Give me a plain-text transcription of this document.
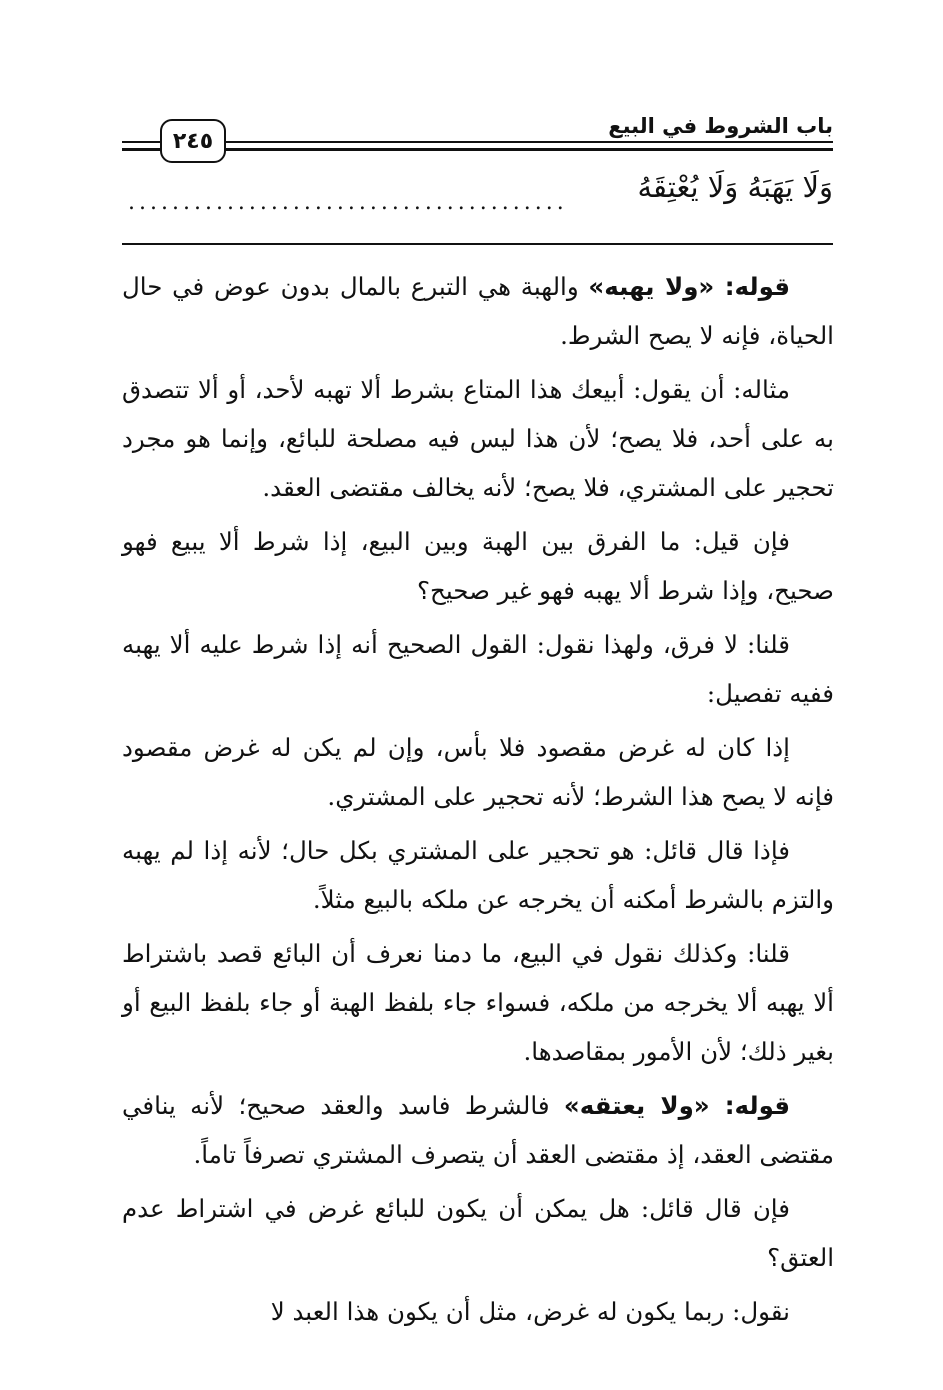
باب الشروط في البيع
٢٤٥
وَلَا يَهَبَهُ وَلَا يُعْتِقَهُ
........................................

قوله: «ولا يهبه» والهبة هي التبرع بالمال بدون عوض في حال الحياة، فإنه لا يصح الشرط.

مثاله: أن يقول: أبيعك هذا المتاع بشرط ألا تهبه لأحد، أو ألا تتصدق به على أحد، فلا يصح؛ لأن هذا ليس فيه مصلحة للبائع، وإنما هو مجرد تحجير على المشتري، فلا يصح؛ لأنه يخالف مقتضى العقد.

فإن قيل: ما الفرق بين الهبة وبين البيع، إذا شرط ألا يبيع فهو صحيح، وإذا شرط ألا يهبه فهو غير صحيح؟

قلنا: لا فرق، ولهذا نقول: القول الصحيح أنه إذا شرط عليه ألا يهبه ففيه تفصيل:

إذا كان له غرض مقصود فلا بأس، وإن لم يكن له غرض مقصود فإنه لا يصح هذا الشرط؛ لأنه تحجير على المشتري.

فإذا قال قائل: هو تحجير على المشتري بكل حال؛ لأنه إذا لم يهبه والتزم بالشرط أمكنه أن يخرجه عن ملكه بالبيع مثلاً.

قلنا: وكذلك نقول في البيع، ما دمنا نعرف أن البائع قصد باشتراط ألا يهبه ألا يخرجه من ملكه، فسواء جاء بلفظ الهبة أو جاء بلفظ البيع أو بغير ذلك؛ لأن الأمور بمقاصدها.

قوله: «ولا يعتقه» فالشرط فاسد والعقد صحيح؛ لأنه ينافي مقتضى العقد، إذ مقتضى العقد أن يتصرف المشتري تصرفاً تاماً.

فإن قال قائل: هل يمكن أن يكون للبائع غرض في اشتراط عدم العتق؟

نقول: ربما يكون له غرض، مثل أن يكون هذا العبد لا
